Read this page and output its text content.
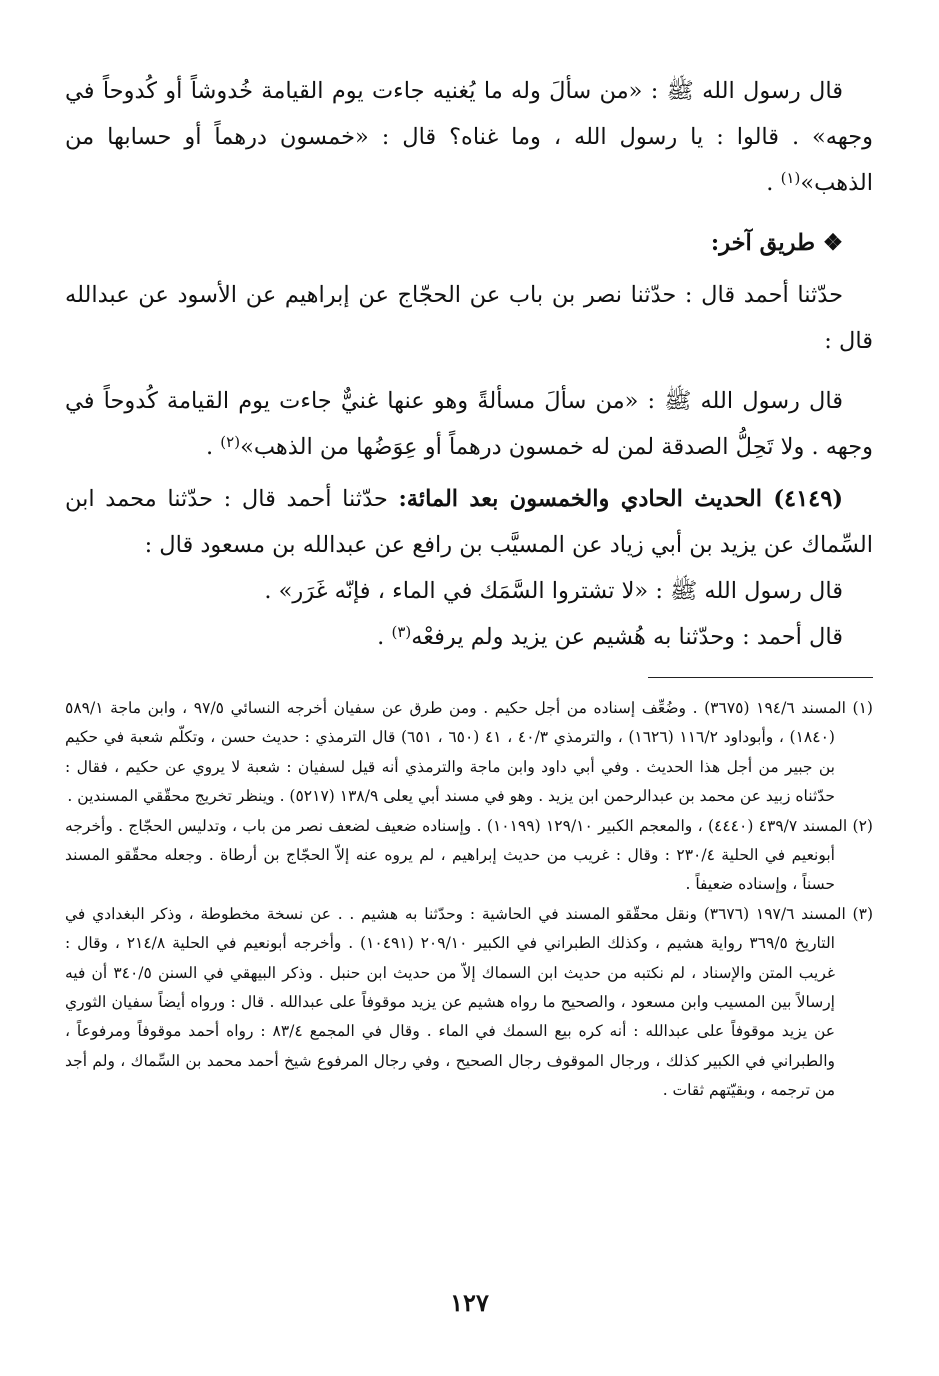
قال رسول الله ﷺ : «من سألَ وله ما يُغنيه جاءت يوم القيامة خُدوشاً أو كُدوحاً في وجهه» . قالوا : يا رسول الله ، وما غناه؟ قال : «خمسون درهماً أو حسابها من الذهب»$^{(١)}$ .

❖ طريق آخر:

حدّثنا أحمد قال : حدّثنا نصر بن باب عن الحجّاج عن إبراهيم عن الأسود عن عبدالله قال :

قال رسول الله ﷺ : «من سألَ مسألةً وهو عنها غنيٌّ جاءت يوم القيامة كُدوحاً في وجهه . ولا تَحِلُّ الصدقة لمن له خمسون درهماً أو عِوَضُها من الذهب»$^{(٢)}$ .

(٤١٤٩) الحديث الحادي والخمسون بعد المائة: حدّثنا أحمد قال : حدّثنا محمد ابن السِّماك عن يزيد بن أبي زياد عن المسيَّب بن رافع عن عبدالله بن مسعود قال :

قال رسول الله ﷺ : «لا تشتروا السَّمَك في الماء ، فإنّه غَرَر» .

قال أحمد : وحدّثنا به هُشيم عن يزيد ولم يرفعْه$^{(٣)}$ .

(١) المسند ١٩٤/٦ (٣٦٧٥) . وضُعِّف إسناده من أجل حكيم . ومن طرق عن سفيان أخرجه النسائي ٩٧/٥ ، وابن ماجة ٥٨٩/١ (١٨٤٠) ، وأبوداود ١١٦/٢ (١٦٢٦) ، والترمذي ٤٠/٣ ، ٤١ (٦٥٠ ، ٦٥١) قال الترمذي : حديث حسن ، وتكلّم شعبة في حكيم بن جبير من أجل هذا الحديث . وفي أبي داود وابن ماجة والترمذي أنه قيل لسفيان : شعبة لا يروي عن حكيم ، فقال : حدّثناه زبيد عن محمد بن عبدالرحمن ابن يزيد . وهو في مسند أبي يعلى ١٣٨/٩ (٥٢١٧) . وينظر تخريج محقّقي المسندين .

(٢) المسند ٤٣٩/٧ (٤٤٤٠) ، والمعجم الكبير ١٢٩/١٠ (١٠١٩٩) . وإسناده ضعيف لضعف نصر من باب ، وتدليس الحجّاج . وأخرجه أبونعيم في الحلية ٢٣٠/٤ : وقال : غريب من حديث إبراهيم ، لم يروه عنه إلاّ الحجّاج بن أرطاة . وجعله محقّقو المسند حسناً ، وإسناده ضعيفاً .

(٣) المسند ١٩٧/٦ (٣٦٧٦) ونقل محقّقو المسند في الحاشية : وحدّثنا به هشيم . . عن نسخة مخطوطة ، وذكر البغدادي في التاريخ ٣٦٩/٥ رواية هشيم ، وكذلك الطبراني في الكبير ٢٠٩/١٠ (١٠٤٩١) . وأخرجه أبونعيم في الحلية ٢١٤/٨ ، وقال : غريب المتن والإسناد ، لم نكتبه من حديث ابن السماك إلاّ من حديث ابن حنبل . وذكر البيهقي في السنن ٣٤٠/٥ أن فيه إرسالاً بين المسيب وابن مسعود ، والصحيح ما رواه هشيم عن يزيد موقوفاً على عبدالله . قال : ورواه أيضاً سفيان الثوري عن يزيد موقوفاً على عبدالله : أنه كره بيع السمك في الماء . وقال في المجمع ٨٣/٤ : رواه أحمد موقوفاً ومرفوعاً ، والطبراني في الكبير كذلك ، ورجال الموقوف رجال الصحيح ، وفي رجال المرفوع شيخ أحمد محمد بن السِّماك ، ولم أجد من ترجمه ، وبقيّتهم ثقات .

١٢٧
